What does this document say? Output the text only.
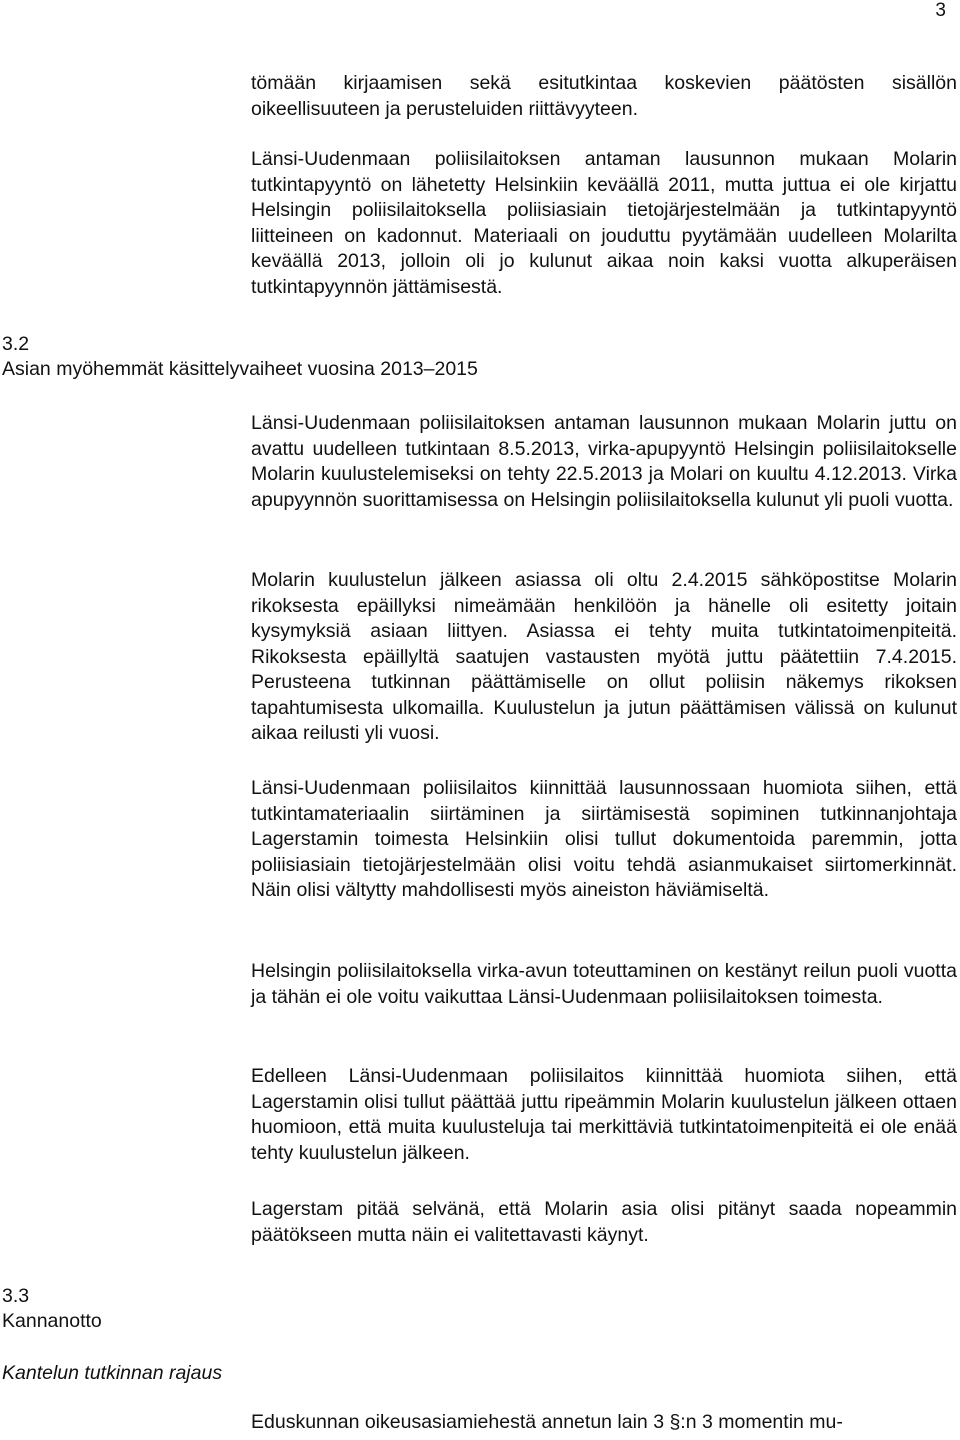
3

tömään kirjaamisen sekä esitutkintaa koskevien päätösten sisällön oikeellisuuteen ja perusteluiden riittävyyteen.

Länsi-Uudenmaan poliisilaitoksen antaman lausunnon mukaan Molarin tutkintapyyntö on lähetetty Helsinkiin keväällä 2011, mutta juttua ei ole kirjattu Helsingin poliisilaitoksella poliisiasiain tietojärjestelmään ja tutkintapyyntö liitteineen on kadonnut. Materiaali on jouduttu pyytämään uudelleen Molarilta keväällä 2013, jolloin oli jo kulunut aikaa noin kaksi vuotta alkuperäisen tutkintapyynnön jättämisestä.

3.2
Asian myöhemmät käsittelyvaiheet vuosina 2013–2015

Länsi-Uudenmaan poliisilaitoksen antaman lausunnon mukaan Molarin juttu on avattu uudelleen tutkintaan 8.5.2013, virka-apupyyntö Helsingin poliisilaitokselle Molarin kuulustelemiseksi on tehty 22.5.2013 ja Molari on kuultu 4.12.2013. Virka apupyynnön suorittamisessa on Helsingin poliisilaitoksella kulunut yli puoli vuotta.

Molarin kuulustelun jälkeen asiassa oli oltu 2.4.2015 sähköpostitse Molarin rikoksesta epäillyksi nimeämään henkilöön ja hänelle oli esitetty joitain kysymyksiä asiaan liittyen. Asiassa ei tehty muita tutkintatoimenpiteitä. Rikoksesta epäillyltä saatujen vastausten myötä juttu päätettiin 7.4.2015. Perusteena tutkinnan päättämiselle on ollut poliisin näkemys rikoksen tapahtumisesta ulkomailla. Kuulustelun ja jutun päättämisen välissä on kulunut aikaa reilusti yli vuosi.

Länsi-Uudenmaan poliisilaitos kiinnittää lausunnossaan huomiota siihen, että tutkintamateriaalin siirtäminen ja siirtämisestä sopiminen tutkinnanjohtaja Lagerstamin toimesta Helsinkiin olisi tullut dokumentoida paremmin, jotta poliisiasiain tietojärjestelmään olisi voitu tehdä asianmukaiset siirtomerkinnät. Näin olisi vältytty mahdollisesti myös aineiston häviämiseltä.

Helsingin poliisilaitoksella virka-avun toteuttaminen on kestänyt reilun puoli vuotta ja tähän ei ole voitu vaikuttaa Länsi-Uudenmaan poliisilaitoksen toimesta.

Edelleen Länsi-Uudenmaan poliisilaitos kiinnittää huomiota siihen, että Lagerstamin olisi tullut päättää juttu ripeämmin Molarin kuulustelun jälkeen ottaen huomioon, että muita kuulusteluja tai merkittäviä tutkintatoimenpiteitä ei ole enää tehty kuulustelun jälkeen.

Lagerstam pitää selvänä, että Molarin asia olisi pitänyt saada nopeammin päätökseen mutta näin ei valitettavasti käynyt.

3.3
Kannanotto
Kantelun tutkinnan rajaus

Eduskunnan oikeusasiamiehestä annetun lain 3 §:n 3 momentin mu-
